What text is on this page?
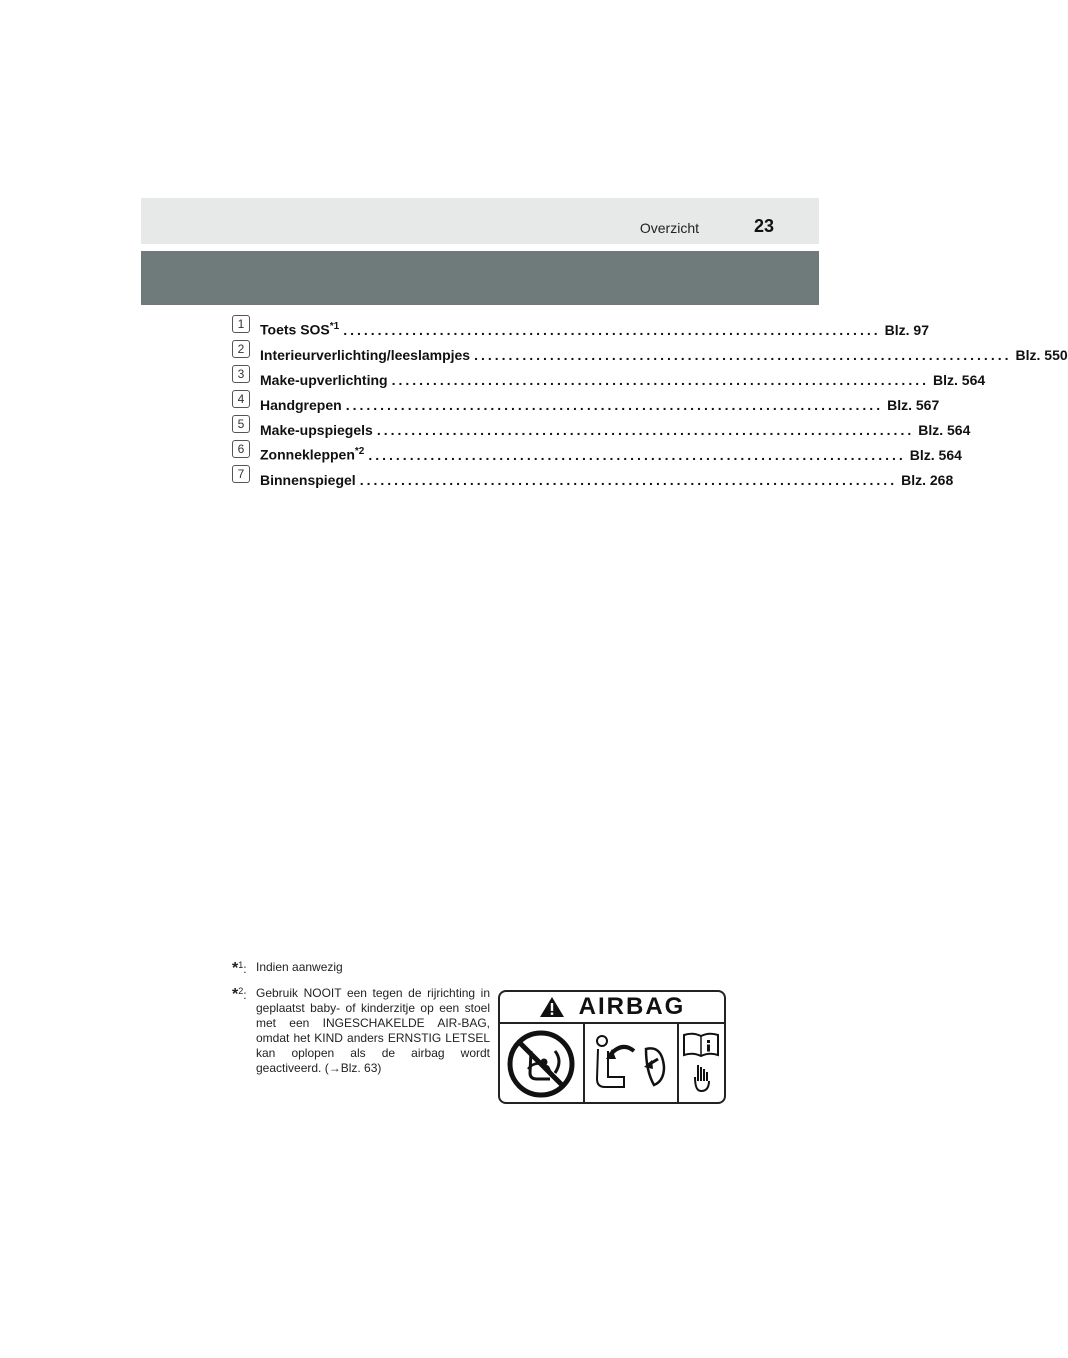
Overzicht	23
1	Toets SOS$^{*1}$ .............................................................................. Blz. 97
2	Interieurverlichting/leeslampjes .............................................................................. Blz. 550
3	Make-upverlichting .............................................................................. Blz. 564
4	Handgrepen .............................................................................. Blz. 567
5	Make-upspiegels .............................................................................. Blz. 564
6	Zonnekleppen$^{*2}$ .............................................................................. Blz. 564
7	Binnenspiegel .............................................................................. Blz. 268
*$^1$: Indien aanwezig
*$^2$: Gebruik NOOIT een tegen de rijrichting in geplaatst baby- of kinderzitje op een stoel met een INGESCHAKELDE AIR-BAG, omdat het KIND anders ERNSTIG LETSEL kan oplopen als de airbag wordt geactiveerd. (→Blz. 63)
AIRBAG
